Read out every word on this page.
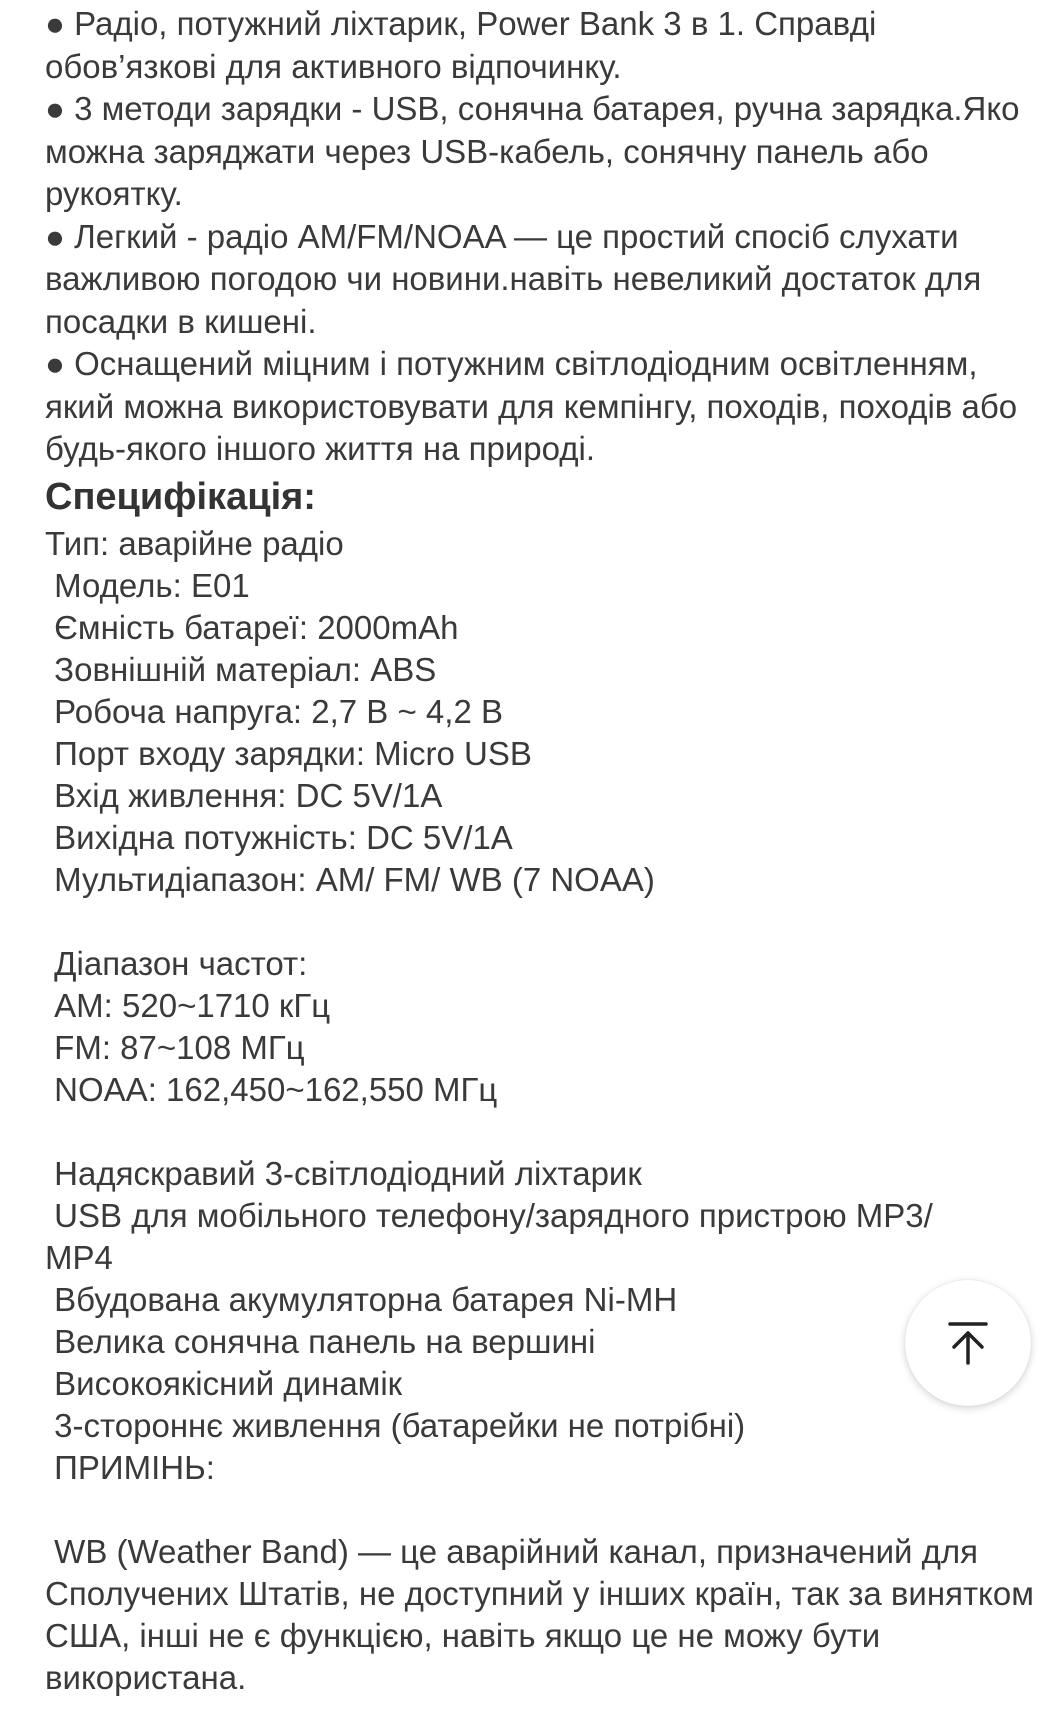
● Радіо, потужний ліхтарик, Power Bank 3 в 1. Справді обов’язкові для активного відпочинку.

● 3 методи зарядки - USB, сонячна батарея, ручна зарядка.Яко можна заряджати через USB-кабель, сонячну панель або рукоятку.

● Легкий - радіо AM/FM/NOAA — це простий спосіб слухати важливою погодою чи новини.навіть невеликий достаток для посадки в кишені.

● Оснащений міцним і потужним світлодіодним освітленням, який можна використовувати для кемпінгу, походів, походів або будь-якого іншого життя на природі.

Специфікація:

Тип: аварійне радіо

Модель: E01

Ємність батареї: 2000mAh

Зовнішній матеріал: ABS

Робоча напруга: 2,7 В ~ 4,2 В

Порт входу зарядки: Micro USB

Вхід живлення: DC 5V/1A

Вихідна потужність: DC 5V/1A

Мультидіапазон: AM/ FM/ WB (7 NOAA)

Діапазон частот:

AM: 520~1710 кГц

FM: 87~108 МГц

NOAA: 162,450~162,550 МГц

Надяскравий 3-світлодіодний ліхтарик

USB для мобільного телефону/зарядного пристрою MP3/

MP4

Вбудована акумуляторна батарея Ni-MH

Велика сонячна панель на вершині

Високоякісний динамік

3-стороннє живлення (батарейки не потрібні)

ПРИМІНЬ:

WB (Weather Band) — це аварійний канал, призначений для Сполучених Штатів, не доступний у інших країн, так за винятком США, інші не є функцією, навіть якщо це не можу бути використана.
